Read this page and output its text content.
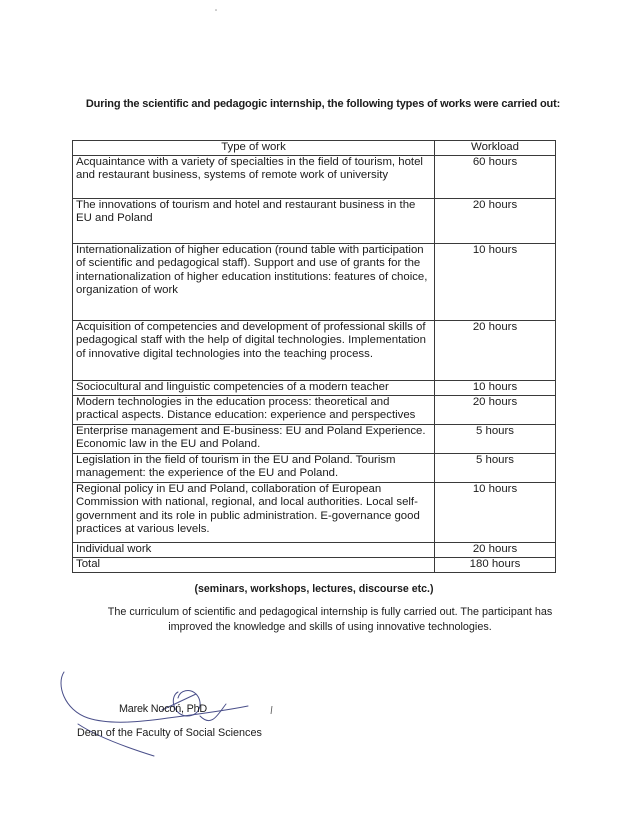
During the scientific and pedagogic internship, the following types of works were carried out:
Type of work	Workload
Acquaintance with a variety of specialties in the field of tourism, hotel and restaurant business, systems of remote work of university	60 hours
The innovations of tourism and hotel and restaurant business in the EU and Poland	20 hours
Internationalization of higher education (round table with participation of scientific and pedagogical staff). Support and use of grants for the internationalization of higher education institutions: features of choice, organization of work	10 hours
Acquisition of competencies and development of professional skills of pedagogical staff with the help of digital technologies. Implementation of innovative digital technologies into the teaching process.	20 hours
Sociocultural and linguistic competencies of a modern teacher	10 hours
Modern technologies in the education process: theoretical and practical aspects. Distance education: experience and perspectives	20 hours
Enterprise management and E-business: EU and Poland Experience. Economic law in the EU and Poland.	5 hours
Legislation in the field of tourism in the EU and Poland. Tourism management: the experience of the EU and Poland.	5 hours
Regional policy in EU and Poland, collaboration of European Commission with national, regional, and local authorities. Local self-government and its role in public administration. E-governance good practices at various levels.	10 hours
Individual work	20 hours
Total	180 hours
(seminars, workshops, lectures, discourse etc.)
The curriculum of scientific and pedagogical internship is fully carried out. The participant has improved the knowledge and skills of using innovative technologies.
Marek Nocoń, PhD
Dean of the Faculty of Social Sciences
